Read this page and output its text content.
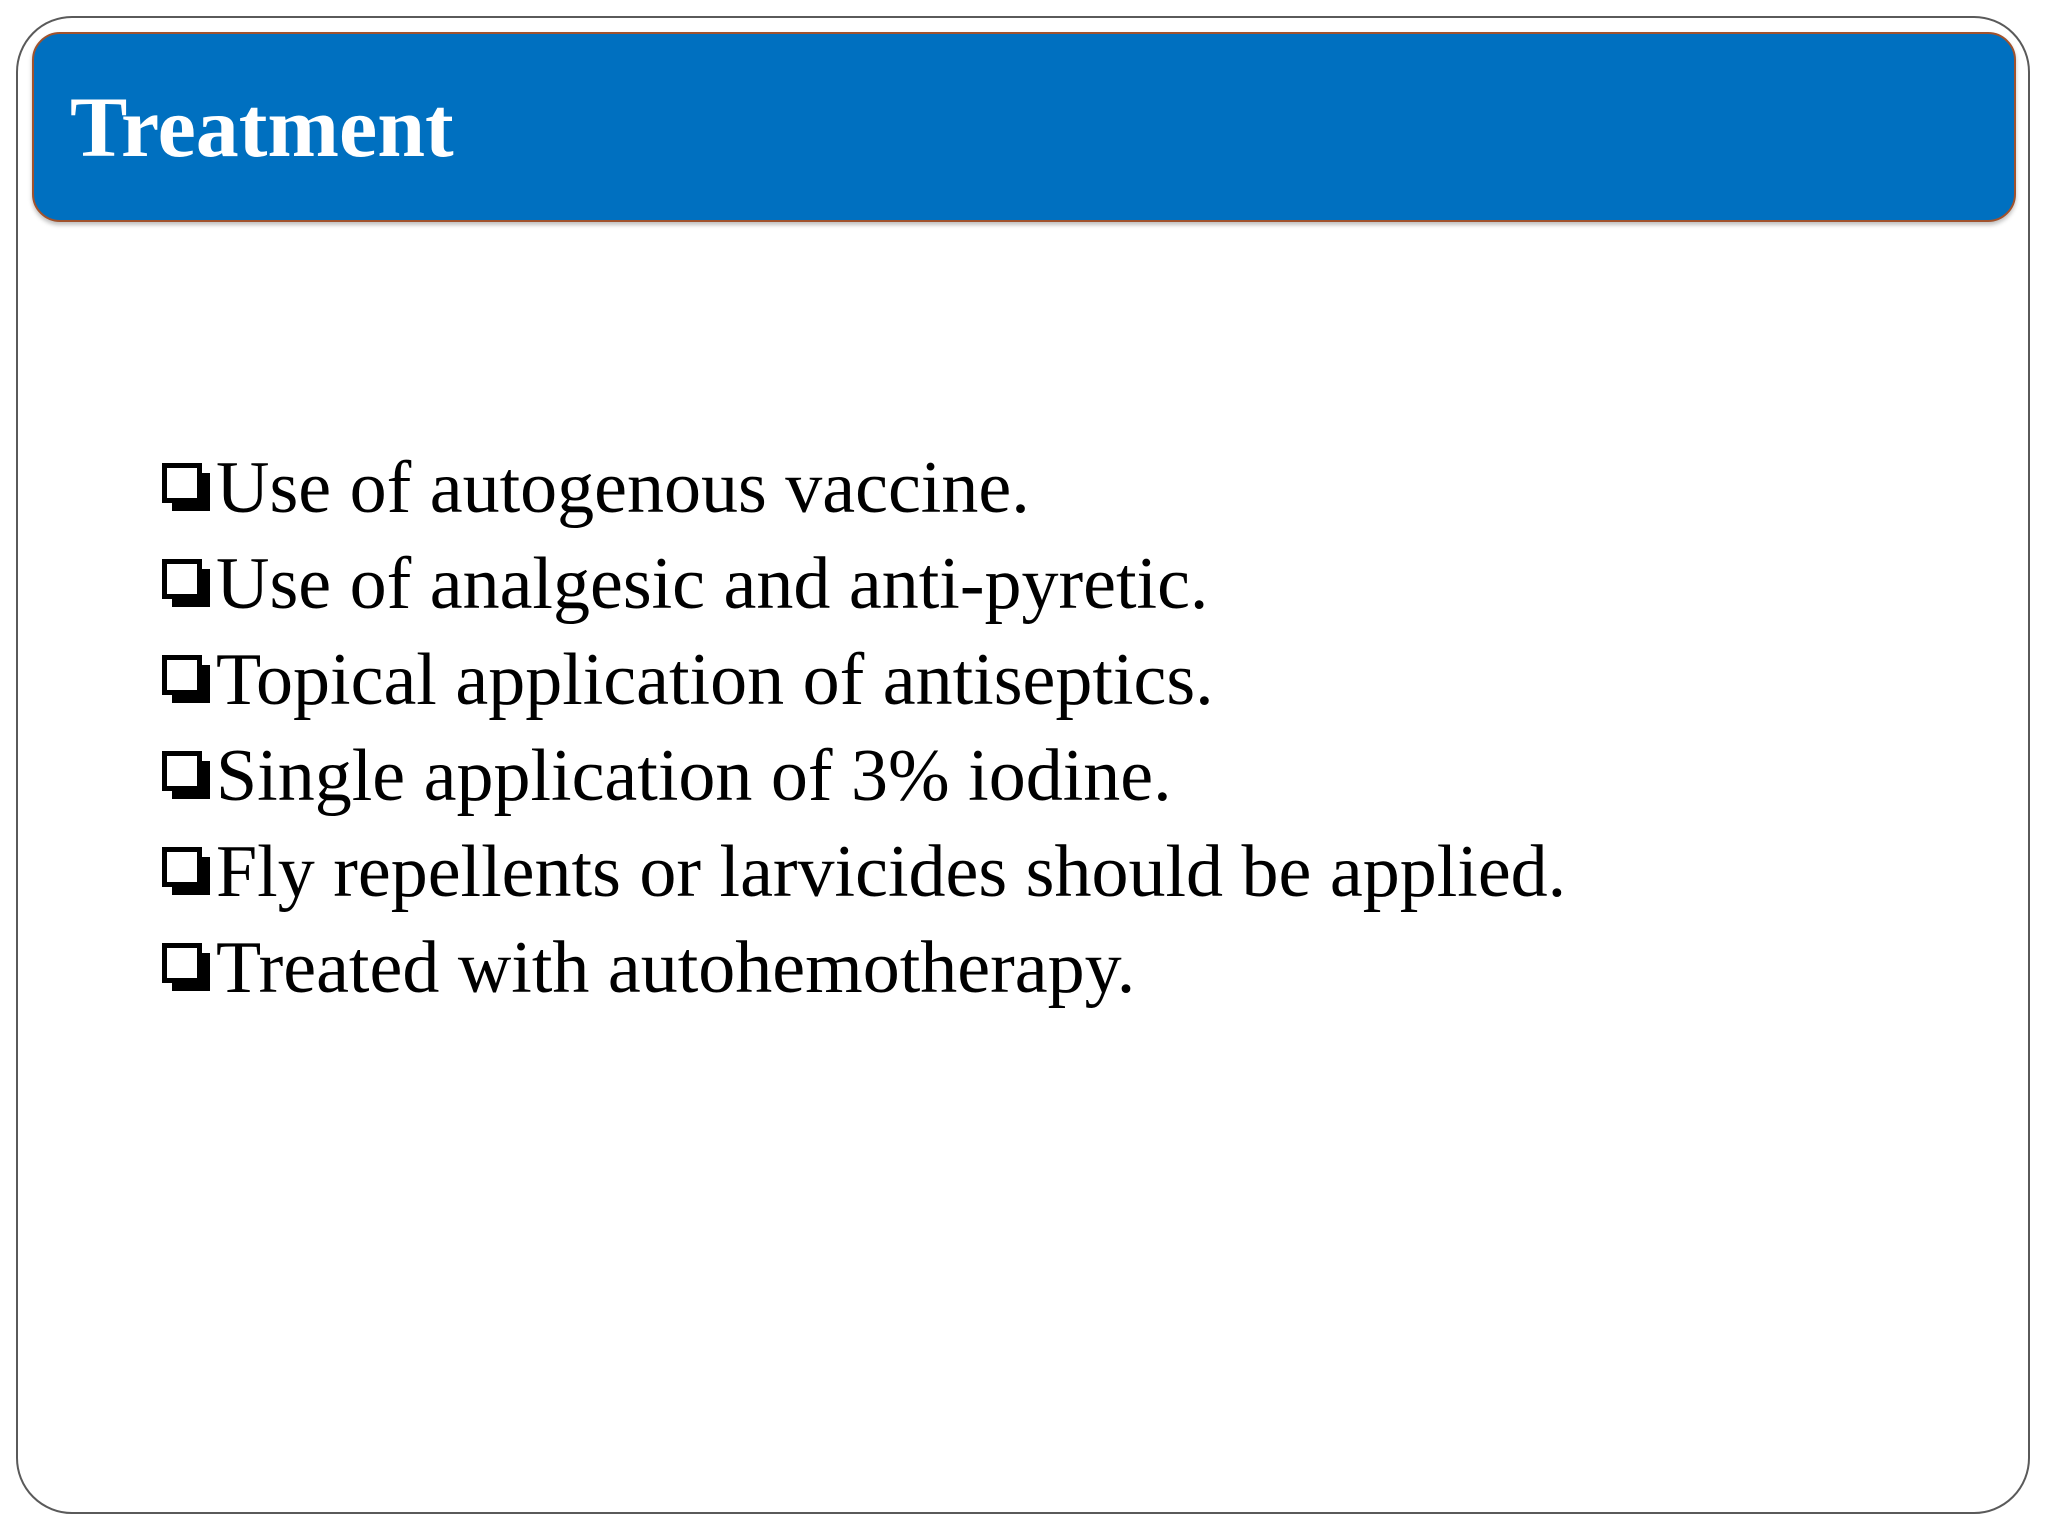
Treatment
Use of autogenous vaccine.
Use of analgesic and anti-pyretic.
Topical application of antiseptics.
Single application of 3% iodine.
Fly repellents or larvicides should be applied.
Treated with autohemotherapy.
